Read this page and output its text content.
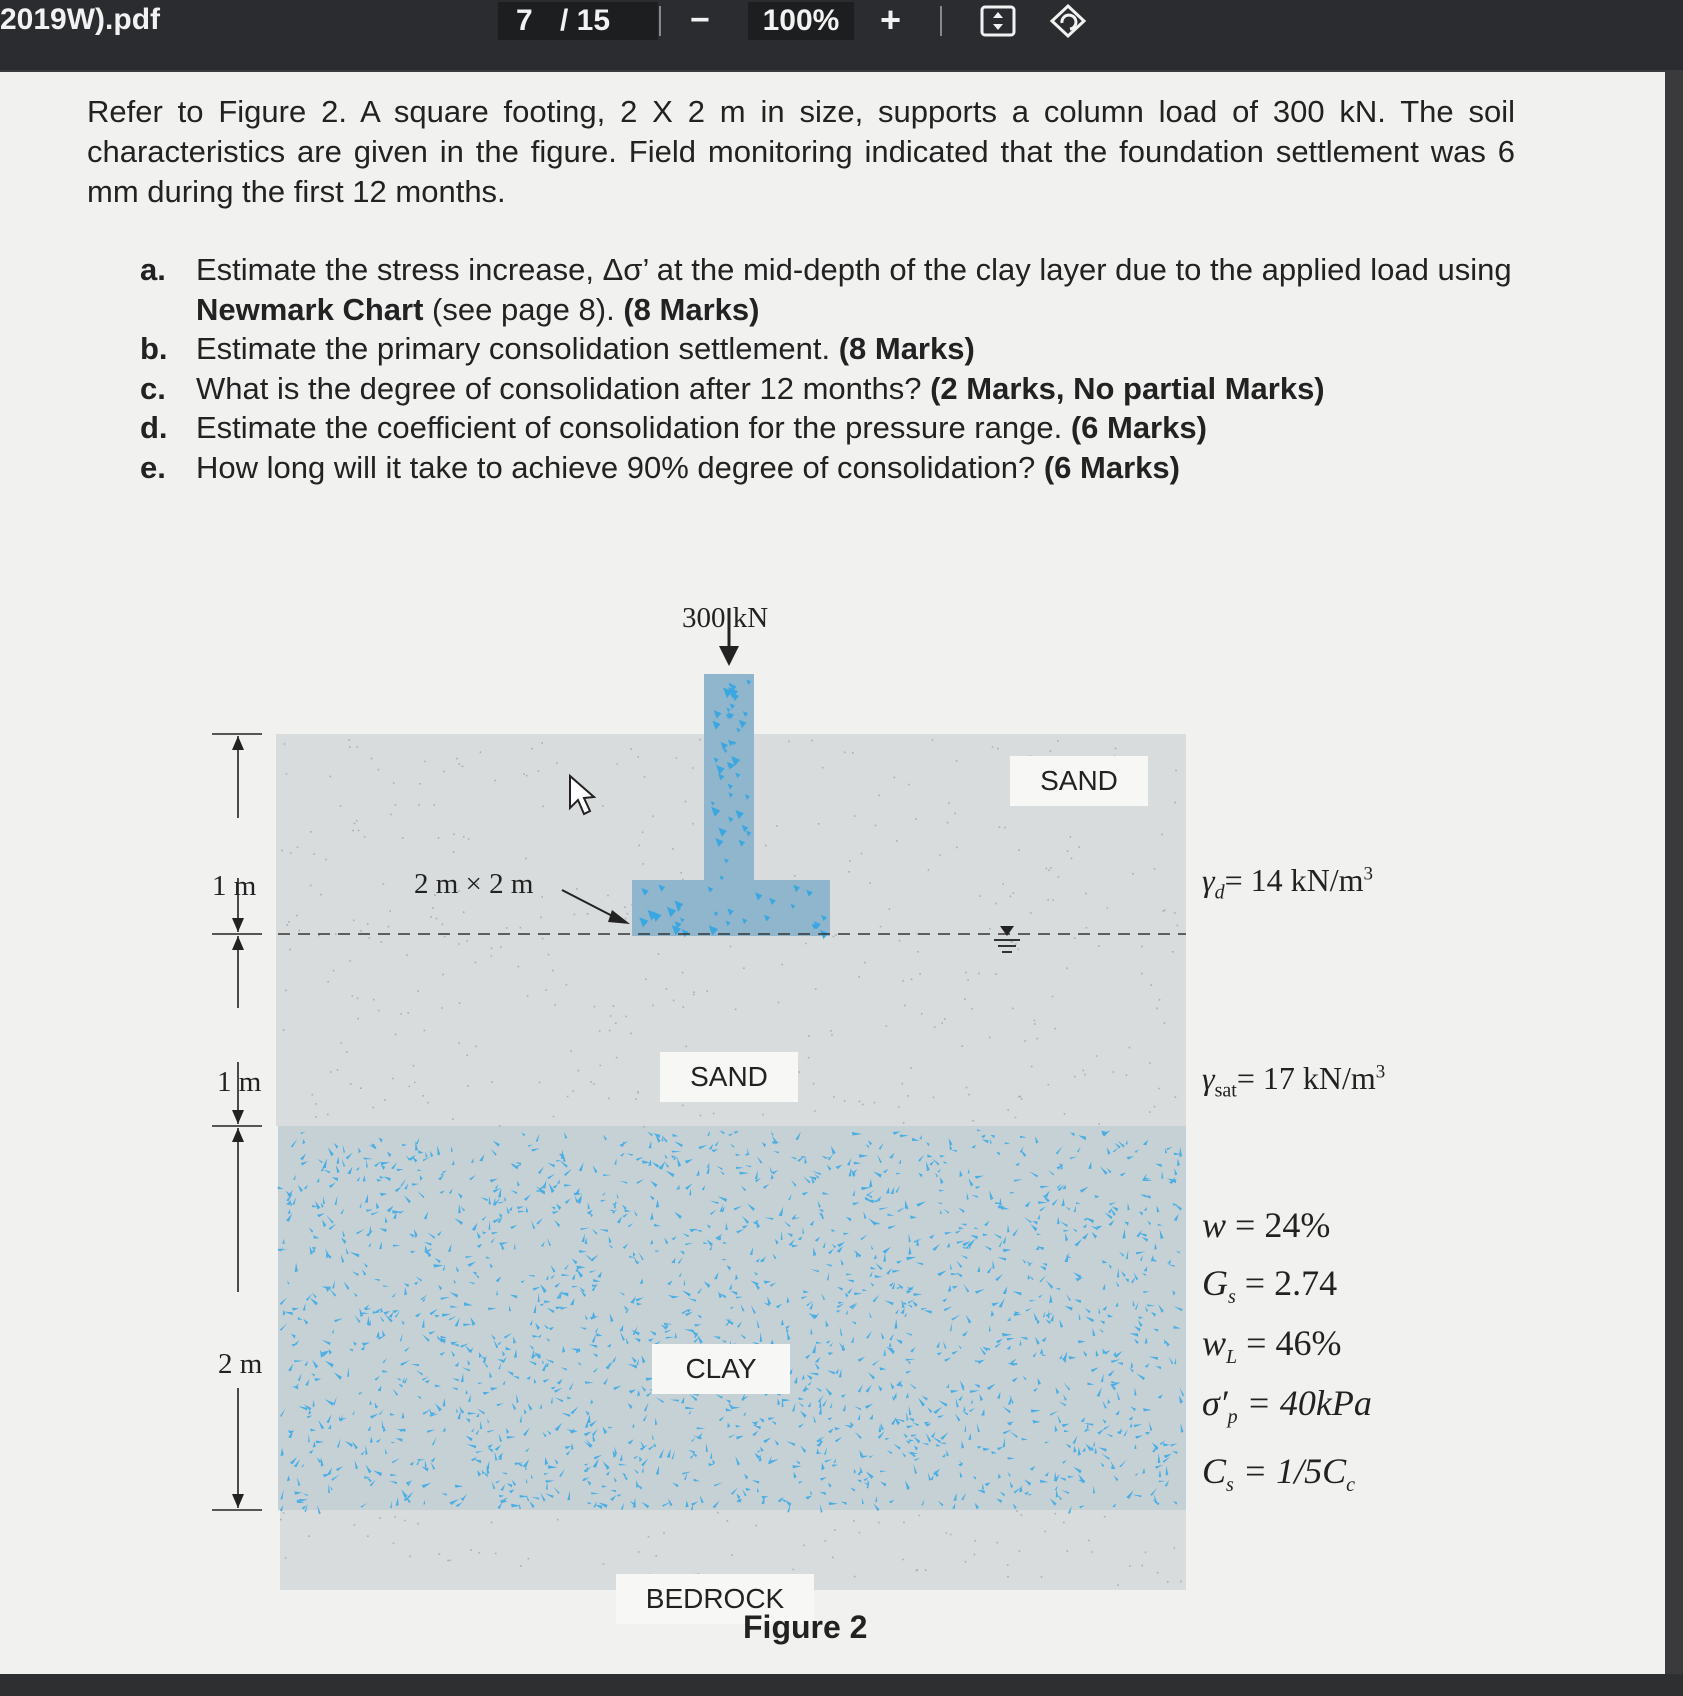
2019W).pdf	7 / 15 −	100%	+
Refer to Figure 2. A square footing, 2 X 2 m in size, supports a column load of 300 kN. The soil characteristics are given in the figure. Field monitoring indicated that the foundation settlement was 6 mm during the first 12 months.
a. Estimate the stress increase, Δσ’ at the mid-depth of the clay layer due to the applied load using Newmark Chart (see page 8). (8 Marks)
b. Estimate the primary consolidation settlement. (8 Marks)
c. What is the degree of consolidation after 12 months? (2 Marks, No partial Marks)
d. Estimate the coefficient of consolidation for the pressure range. (6 Marks)
e. How long will it take to achieve 90% degree of consolidation? (6 Marks)
300 kN
2 m × 2 m
1 m
1 m
2 m
SAND
SAND
CLAY
BEDROCK
$\gamma_d= 14$ $kN/m^3$
$\gamma_{sat}= 17$ $kN/m^3$
w = 24%
$G_s = 2.74$
$w_L = 46\%$
$\sigma'_p = 40kPa$
$C_s = 1/5C_c$
Figure 2
